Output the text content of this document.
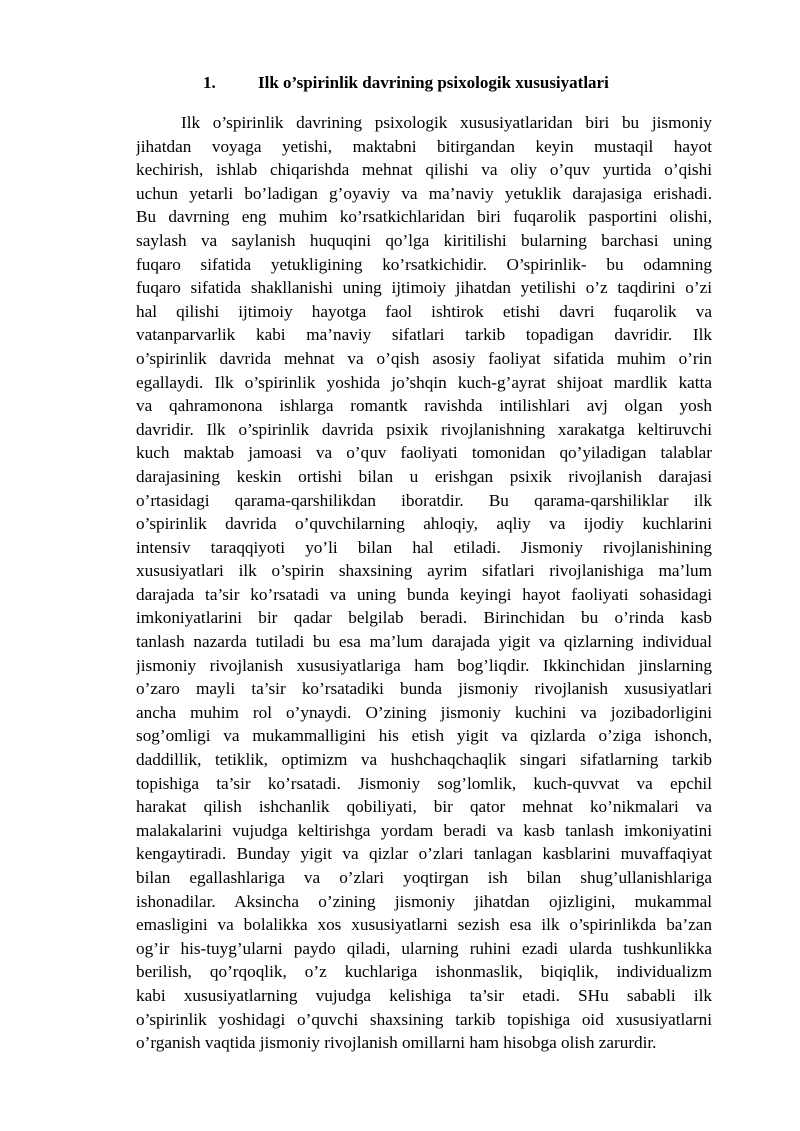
1. Ilk o’spirinlik davrining psixologik xususiyatlari
Ilk o’spirinlik davrining psixologik xususiyatlaridan biri bu jismoniy
jihatdan voyaga yetishi, maktabni bitirgandan keyin mustaqil hayot
kechirish, ishlab chiqarishda mehnat qilishi va oliy o’quv yurtida o’qishi
uchun yetarli bo’ladigan g’oyaviy va ma’naviy yetuklik darajasiga erishadi.
Bu davrning eng muhim ko’rsatkichlaridan biri fuqarolik pasportini olishi,
saylash va saylanish huquqini qo’lga kiritilishi bularning barchasi uning
fuqaro sifatida yetukligining ko’rsatkichidir. O’spirinlik- bu odamning
fuqaro sifatida shakllanishi uning ijtimoiy jihatdan yetilishi o’z taqdirini o’zi
hal qilishi ijtimoiy hayotga faol ishtirok etishi davri fuqarolik va
vatanparvarlik kabi ma’naviy sifatlari tarkib topadigan davridir. Ilk
o’spirinlik davrida mehnat va o’qish asosiy faoliyat sifatida muhim o’rin
egallaydi. Ilk o’spirinlik yoshida jo’shqin kuch-g’ayrat shijoat mardlik katta
va qahramonona ishlarga romantk ravishda intilishlari avj olgan yosh
davridir. Ilk o’spirinlik davrida psixik rivojlanishning xarakatga keltiruvchi
kuch maktab jamoasi va o’quv faoliyati tomonidan qo’yiladigan talablar
darajasining keskin ortishi bilan u erishgan psixik rivojlanish darajasi
o’rtasidagi qarama-qarshilikdan iboratdir. Bu qarama-qarshiliklar ilk
o’spirinlik davrida o’quvchilarning ahloqiy, aqliy va ijodiy kuchlarini
intensiv taraqqiyoti yo’li bilan hal etiladi. Jismoniy rivojlanishining
xususiyatlari ilk o’spirin shaxsining ayrim sifatlari rivojlanishiga ma’lum
darajada ta’sir ko’rsatadi va uning bunda keyingi hayot faoliyati sohasidagi
imkoniyatlarini bir qadar belgilab beradi. Birinchidan bu o’rinda kasb
tanlash nazarda tutiladi bu esa ma’lum darajada yigit va qizlarning individual
jismoniy rivojlanish xususiyatlariga ham bog’liqdir. Ikkinchidan jinslarning
o’zaro mayli ta’sir ko’rsatadiki bunda jismoniy rivojlanish xususiyatlari
ancha muhim rol o’ynaydi. O’zining jismoniy kuchini va jozibadorligini
sog’omligi va mukammalligini his etish yigit va qizlarda o’ziga ishonch,
daddillik, tetiklik, optimizm va hushchaqchaqlik singari sifatlarning tarkib
topishiga ta’sir ko’rsatadi. Jismoniy sog’lomlik, kuch-quvvat va epchil
harakat qilish ishchanlik qobiliyati, bir qator mehnat ko’nikmalari va
malakalarini vujudga keltirishga yordam beradi va kasb tanlash imkoniyatini
kengaytiradi. Bunday yigit va qizlar o’zlari tanlagan kasblarini muvaffaqiyat
bilan egallashlariga va o’zlari yoqtirgan ish bilan shug’ullanishlariga
ishonadilar. Aksincha o’zining jismoniy jihatdan ojizligini, mukammal
emasligini va bolalikka xos xususiyatlarni sezish esa ilk o’spirinlikda ba’zan
og’ir his-tuyg’ularni paydo qiladi, ularning ruhini ezadi ularda tushkunlikka
berilish, qo’rqoqlik, o’z kuchlariga ishonmaslik, biqiqlik, individualizm
kabi xususiyatlarning vujudga kelishiga ta’sir etadi. SHu sababli ilk
o’spirinlik yoshidagi o’quvchi shaxsining tarkib topishiga oid xususiyatlarni
o’rganish vaqtida jismoniy rivojlanish omillarni ham hisobga olish zarurdir.
